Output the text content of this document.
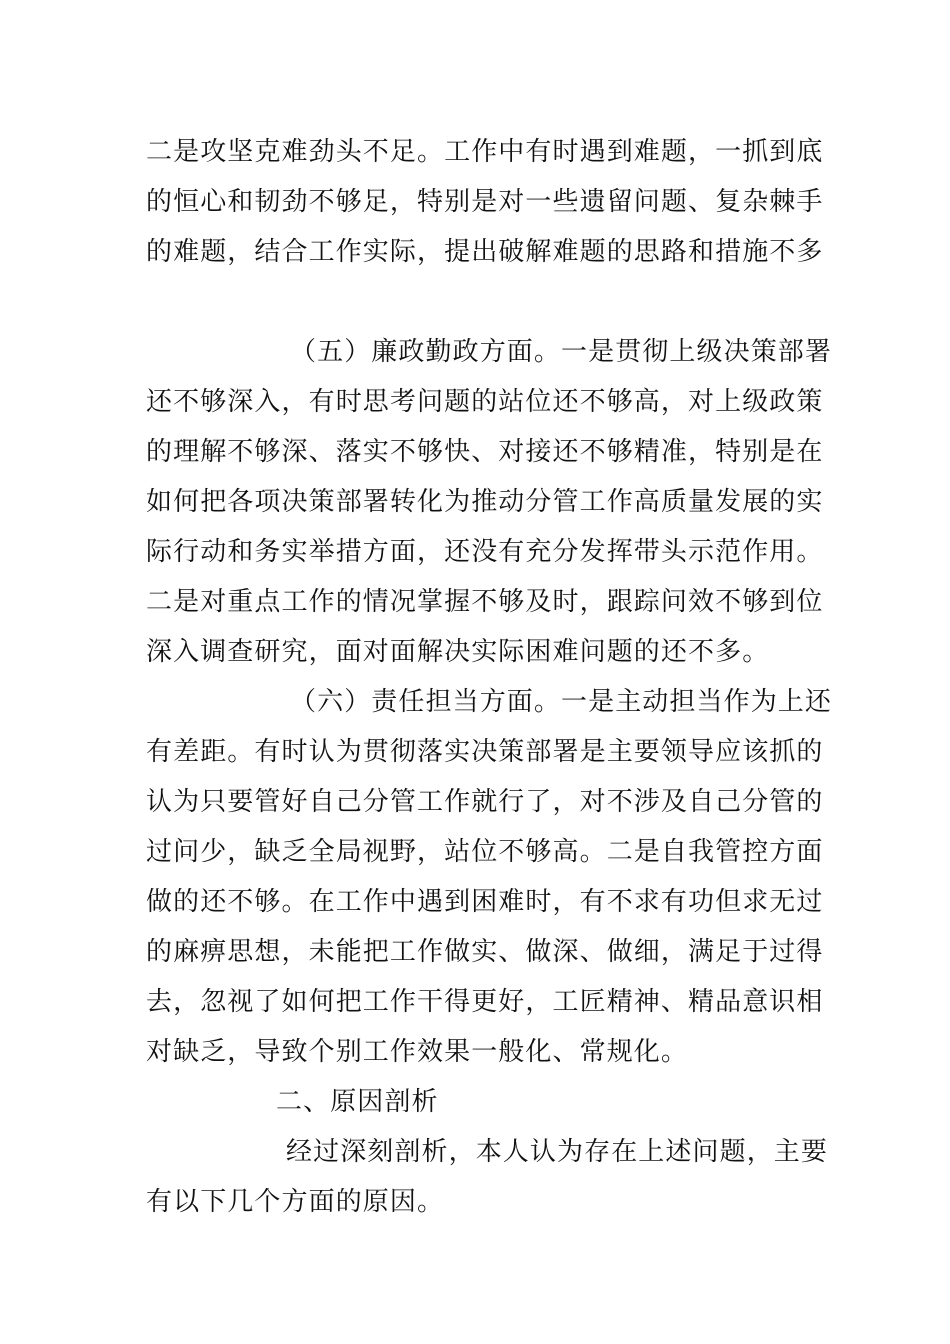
二是攻坚克难劲头不足。工作中有时遇到难题，一抓到底
的恒心和韧劲不够足，特别是对一些遗留问题、复杂棘手
的难题，结合工作实际，提出破解难题的思路和措施不多
（五）廉政勤政方面。一是贯彻上级决策部署
还不够深入，有时思考问题的站位还不够高，对上级政策
的理解不够深、落实不够快、对接还不够精准，特别是在
如何把各项决策部署转化为推动分管工作高质量发展的实
际行动和务实举措方面，还没有充分发挥带头示范作用。
二是对重点工作的情况掌握不够及时，跟踪问效不够到位
深入调查研究，面对面解决实际困难问题的还不多。
（六）责任担当方面。一是主动担当作为上还
有差距。有时认为贯彻落实决策部署是主要领导应该抓的
认为只要管好自己分管工作就行了，对不涉及自己分管的
过问少，缺乏全局视野，站位不够高。二是自我管控方面
做的还不够。在工作中遇到困难时，有不求有功但求无过
的麻痹思想，未能把工作做实、做深、做细，满足于过得
去，忽视了如何把工作干得更好，工匠精神、精品意识相
对缺乏，导致个别工作效果一般化、常规化。
二、原因剖析
经过深刻剖析，本人认为存在上述问题，主要
有以下几个方面的原因。
